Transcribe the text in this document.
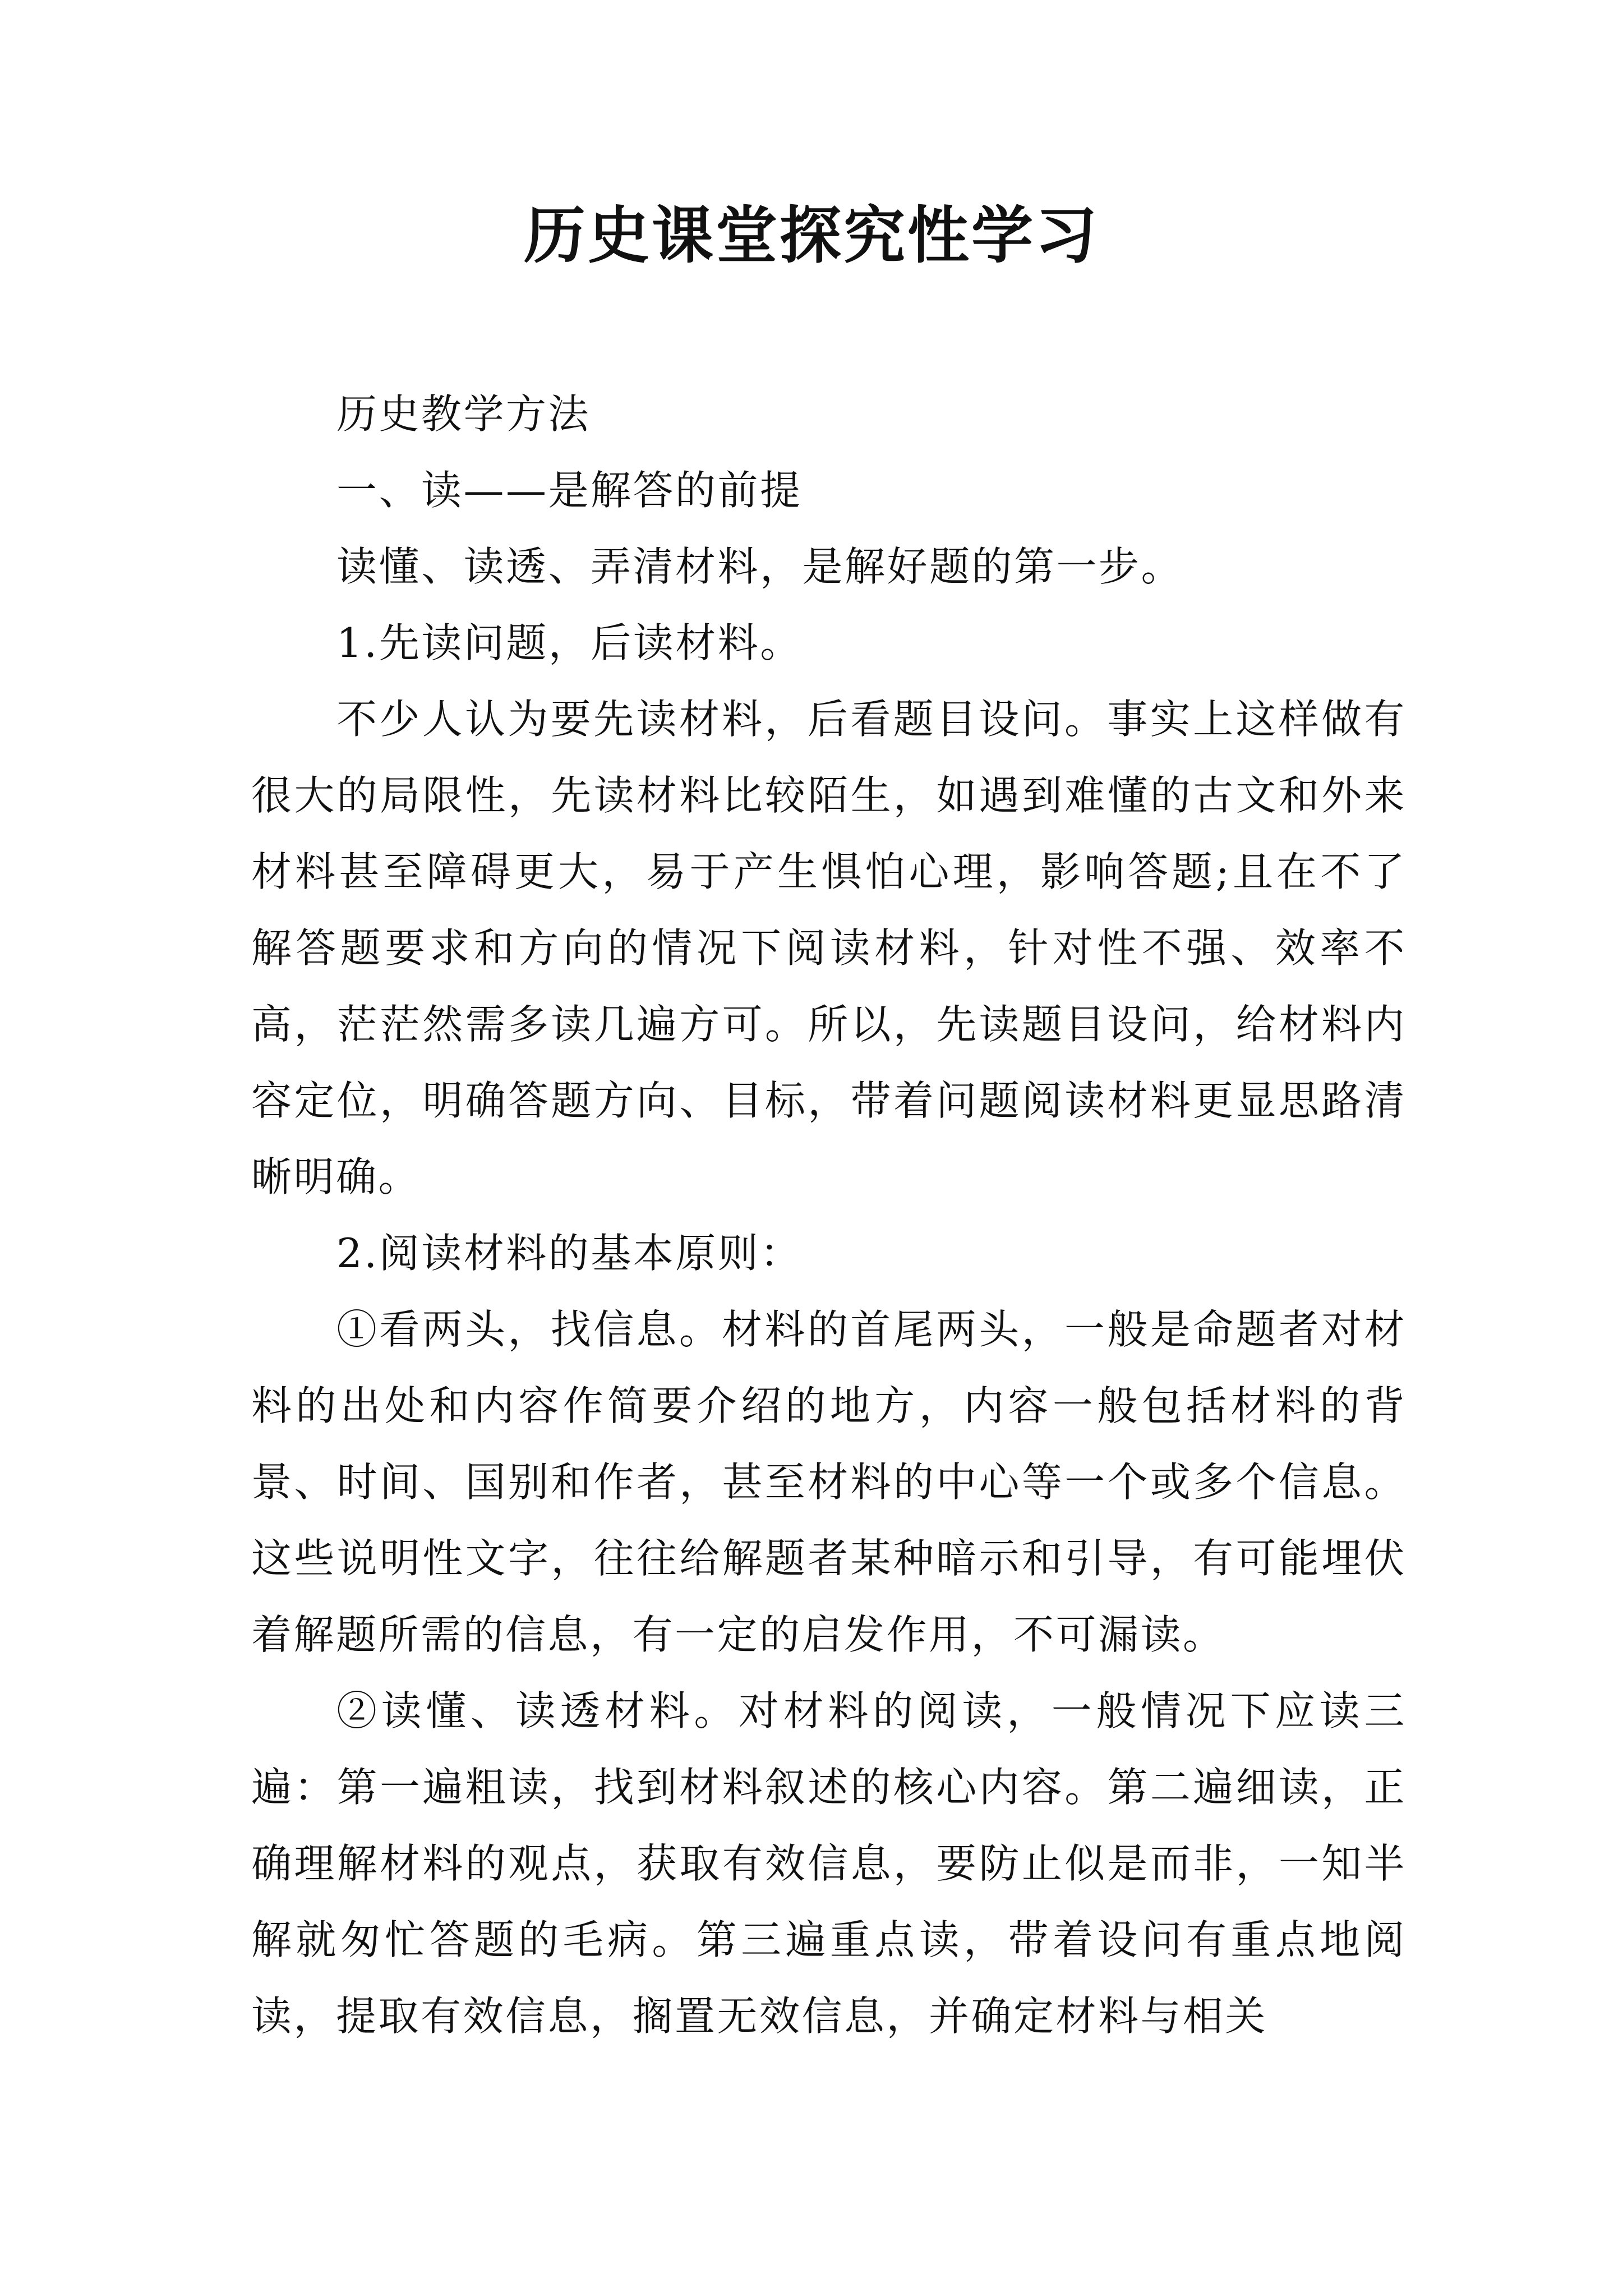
历史课堂探究性学习

历史教学方法

一、读——是解答的前提

读懂、读透、弄清材料，是解好题的第一步。

1.先读问题，后读材料。

不少人认为要先读材料，后看题目设问。事实上这样做有很大的局限性，先读材料比较陌生，如遇到难懂的古文和外来材料甚至障碍更大，易于产生惧怕心理，影响答题;且在不了解答题要求和方向的情况下阅读材料，针对性不强、效率不高，茫茫然需多读几遍方可。所以，先读题目设问，给材料内容定位，明确答题方向、目标，带着问题阅读材料更显思路清晰明确。

2.阅读材料的基本原则：

①看两头，找信息。材料的首尾两头，一般是命题者对材料的出处和内容作简要介绍的地方，内容一般包括材料的背景、时间、国别和作者，甚至材料的中心等一个或多个信息。这些说明性文字，往往给解题者某种暗示和引导，有可能埋伏着解题所需的信息，有一定的启发作用，不可漏读。

②读懂、读透材料。对材料的阅读，一般情况下应读三遍：第一遍粗读，找到材料叙述的核心内容。第二遍细读，正确理解材料的观点，获取有效信息，要防止似是而非，一知半解就匆忙答题的毛病。第三遍重点读，带着设问有重点地阅读，提取有效信息，搁置无效信息，并确定材料与相关
